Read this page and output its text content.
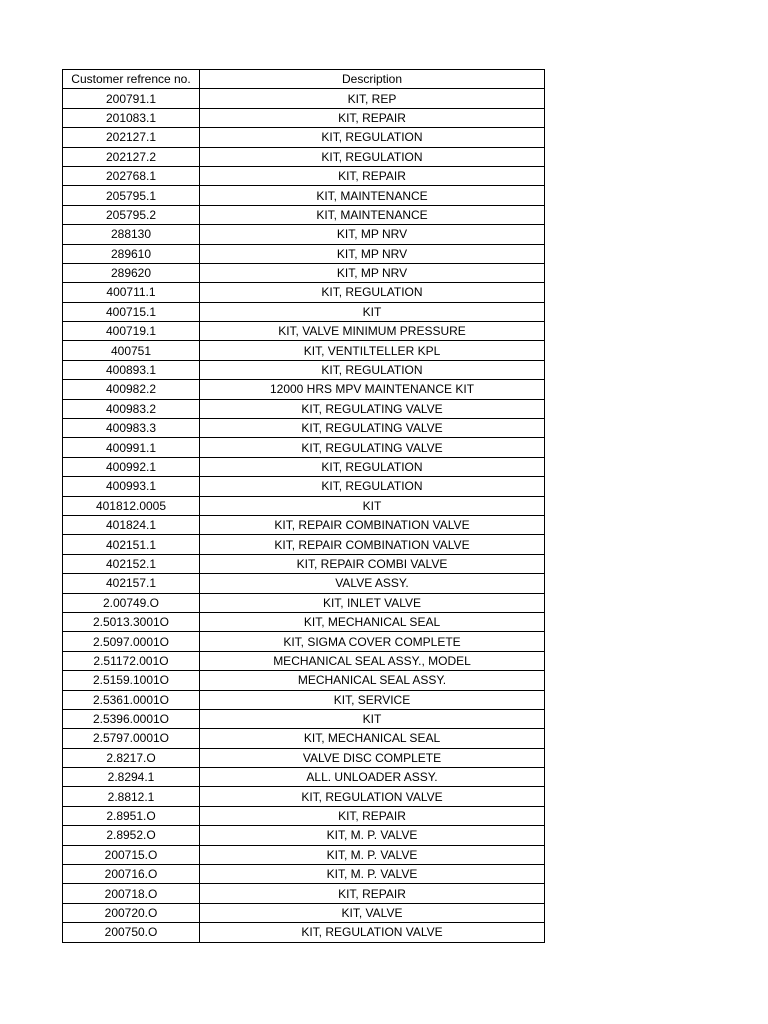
Customer refrence no.	Description
200791.1	KIT, REP
201083.1	KIT, REPAIR
202127.1	KIT, REGULATION
202127.2	KIT, REGULATION
202768.1	KIT, REPAIR
205795.1	KIT, MAINTENANCE
205795.2	KIT, MAINTENANCE
288130	KIT, MP NRV
289610	KIT, MP NRV
289620	KIT, MP NRV
400711.1	KIT, REGULATION
400715.1	KIT
400719.1	KIT, VALVE MINIMUM PRESSURE
400751	KIT, VENTILTELLER KPL
400893.1	KIT, REGULATION
400982.2	12000 HRS MPV MAINTENANCE KIT
400983.2	KIT, REGULATING VALVE
400983.3	KIT, REGULATING VALVE
400991.1	KIT, REGULATING VALVE
400992.1	KIT, REGULATION
400993.1	KIT, REGULATION
401812.0005	KIT
401824.1	KIT, REPAIR COMBINATION VALVE
402151.1	KIT, REPAIR COMBINATION VALVE
402152.1	KIT, REPAIR COMBI VALVE
402157.1	VALVE ASSY.
2.00749.O	KIT, INLET VALVE
2.5013.3001O	KIT, MECHANICAL SEAL
2.5097.0001O	KIT, SIGMA COVER COMPLETE
2.51172.001O	MECHANICAL SEAL ASSY., MODEL
2.5159.1001O	MECHANICAL SEAL ASSY.
2.5361.0001O	KIT, SERVICE
2.5396.0001O	KIT
2.5797.0001O	KIT, MECHANICAL SEAL
2.8217.O	VALVE DISC COMPLETE
2.8294.1	ALL. UNLOADER ASSY.
2.8812.1	KIT, REGULATION VALVE
2.8951.O	KIT, REPAIR
2.8952.O	KIT, M. P. VALVE
200715.O	KIT, M. P. VALVE
200716.O	KIT, M. P. VALVE
200718.O	KIT, REPAIR
200720.O	KIT, VALVE
200750.O	KIT, REGULATION VALVE
